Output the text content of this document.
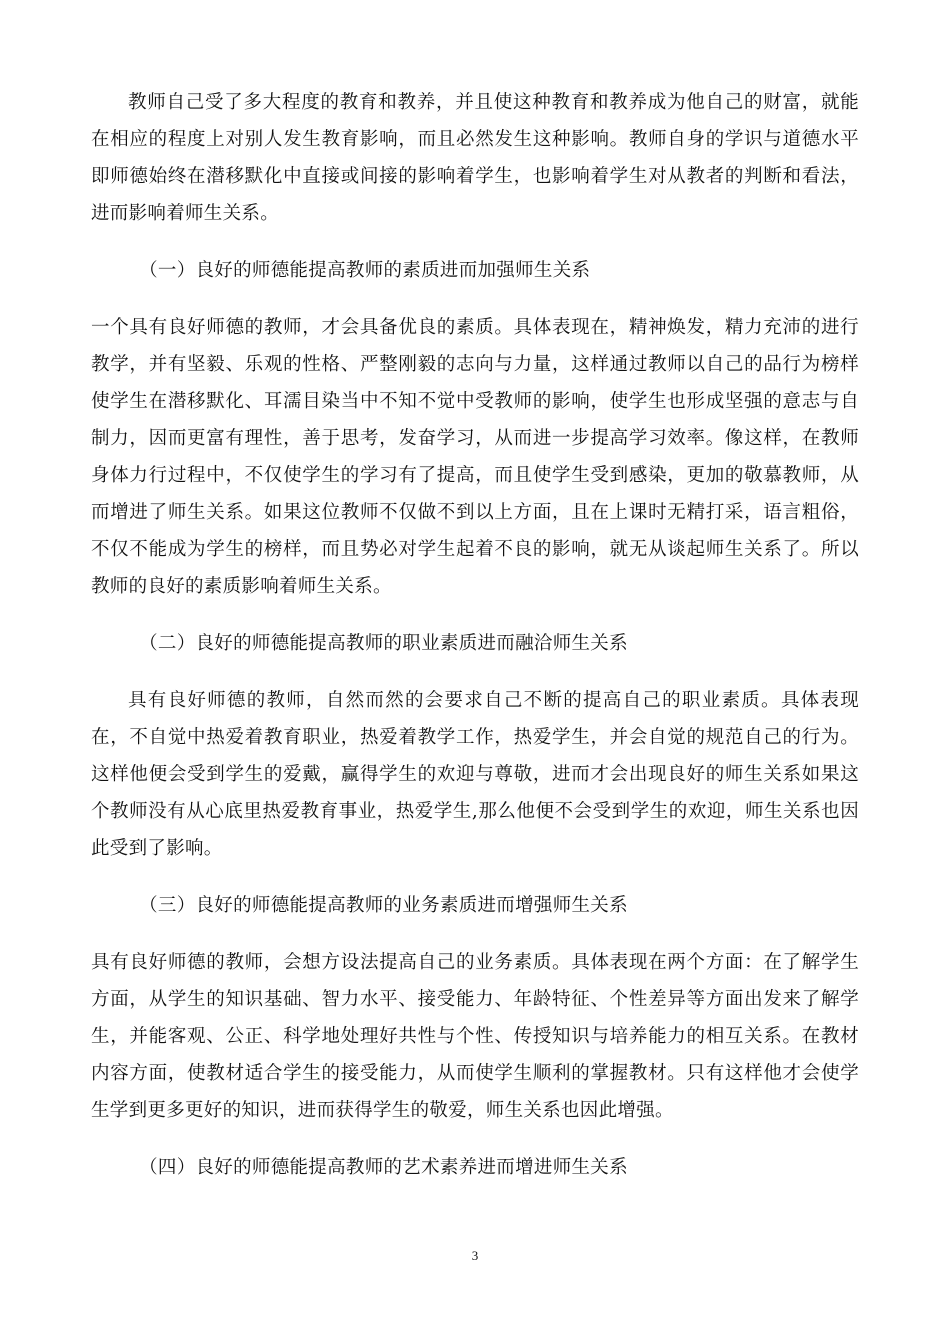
教师自己受了多大程度的教育和教养，并且使这种教育和教养成为他自己的财富，就能在相应的程度上对别人发生教育影响，而且必然发生这种影响。教师自身的学识与道德水平即师德始终在潜移默化中直接或间接的影响着学生，也影响着学生对从教者的判断和看法，进而影响着师生关系。

（一）良好的师德能提高教师的素质进而加强师生关系

一个具有良好师德的教师，才会具备优良的素质。具体表现在，精神焕发，精力充沛的进行教学，并有坚毅、乐观的性格、严整刚毅的志向与力量，这样通过教师以自己的品行为榜样使学生在潜移默化、耳濡目染当中不知不觉中受教师的影响，使学生也形成坚强的意志与自制力，因而更富有理性，善于思考，发奋学习，从而进一步提高学习效率。像这样，在教师身体力行过程中，不仅使学生的学习有了提高，而且使学生受到感染，更加的敬慕教师，从而增进了师生关系。如果这位教师不仅做不到以上方面，且在上课时无精打采，语言粗俗，不仅不能成为学生的榜样，而且势必对学生起着不良的影响，就无从谈起师生关系了。所以教师的良好的素质影响着师生关系。

（二）良好的师德能提高教师的职业素质进而融洽师生关系

具有良好师德的教师，自然而然的会要求自己不断的提高自己的职业素质。具体表现在，不自觉中热爱着教育职业，热爱着教学工作，热爱学生，并会自觉的规范自己的行为。这样他便会受到学生的爱戴，赢得学生的欢迎与尊敬，进而才会出现良好的师生关系如果这个教师没有从心底里热爱教育事业，热爱学生,那么他便不会受到学生的欢迎，师生关系也因此受到了影响。

（三）良好的师德能提高教师的业务素质进而增强师生关系

具有良好师德的教师，会想方设法提高自己的业务素质。具体表现在两个方面：在了解学生方面，从学生的知识基础、智力水平、接受能力、年龄特征、个性差异等方面出发来了解学生，并能客观、公正、科学地处理好共性与个性、传授知识与培养能力的相互关系。在教材内容方面，使教材适合学生的接受能力，从而使学生顺利的掌握教材。只有这样他才会使学生学到更多更好的知识，进而获得学生的敬爱，师生关系也因此增强。

（四）良好的师德能提高教师的艺术素养进而增进师生关系

3
